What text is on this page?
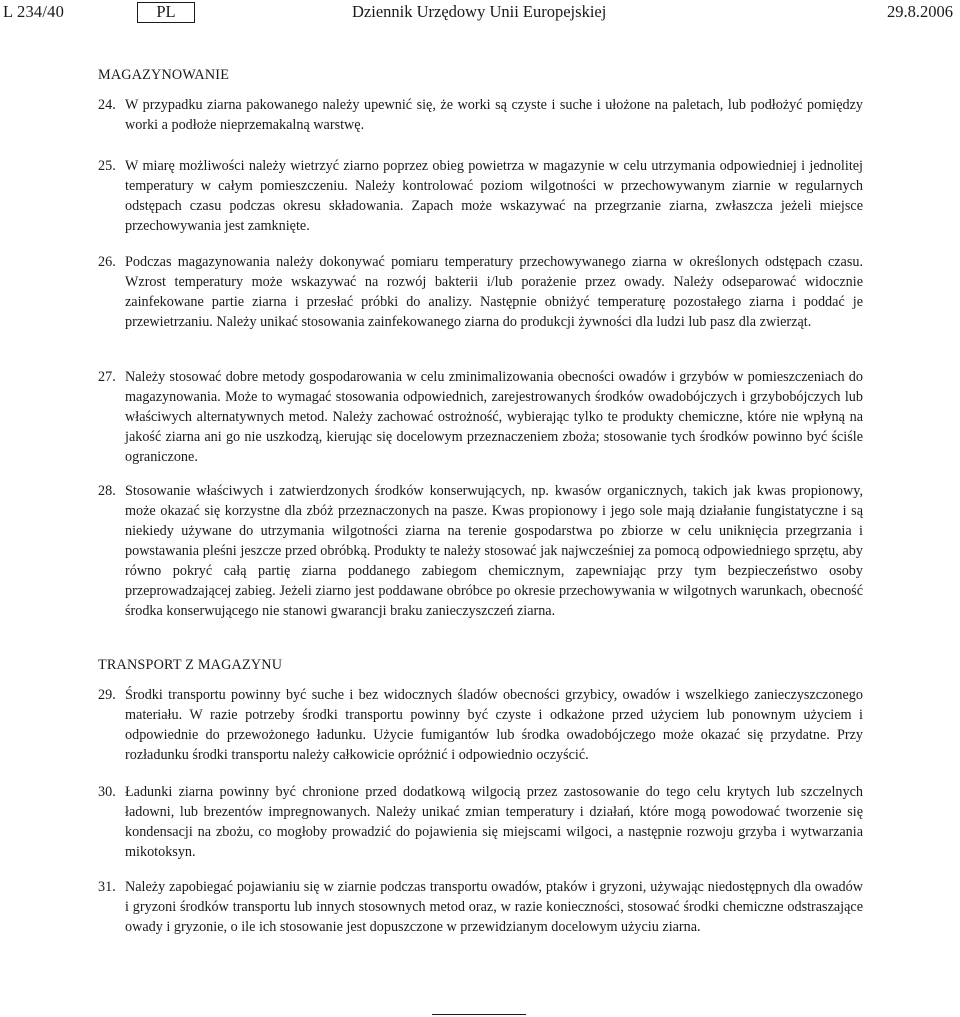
L 234/40	PL	Dziennik Urzędowy Unii Europejskiej	29.8.2006
MAGAZYNOWANIE
24. W przypadku ziarna pakowanego należy upewnić się, że worki są czyste i suche i ułożone na paletach, lub podłożyć pomiędzy worki a podłoże nieprzemakalną warstwę.
25. W miarę możliwości należy wietrzyć ziarno poprzez obieg powietrza w magazynie w celu utrzymania odpowiedniej i jednolitej temperatury w całym pomieszczeniu. Należy kontrolować poziom wilgotności w przechowywanym ziarnie w regularnych odstępach czasu podczas okresu składowania. Zapach może wskazywać na przegrzanie ziarna, zwłaszcza jeżeli miejsce przechowywania jest zamknięte.
26. Podczas magazynowania należy dokonywać pomiaru temperatury przechowywanego ziarna w określonych odstępach czasu. Wzrost temperatury może wskazywać na rozwój bakterii i/lub porażenie przez owady. Należy odseparować widocznie zainfekowane partie ziarna i przesłać próbki do analizy. Następnie obniżyć temperaturę pozostałego ziarna i poddać je przewietrzaniu. Należy unikać stosowania zainfekowanego ziarna do produkcji żywności dla ludzi lub pasz dla zwierząt.
27. Należy stosować dobre metody gospodarowania w celu zminimalizowania obecności owadów i grzybów w pomieszczeniach do magazynowania. Może to wymagać stosowania odpowiednich, zarejestrowanych środków owadobójczych i grzybobójczych lub właściwych alternatywnych metod. Należy zachować ostrożność, wybierając tylko te produkty chemiczne, które nie wpłyną na jakość ziarna ani go nie uszkodzą, kierując się docelowym przeznaczeniem zboża; stosowanie tych środków powinno być ściśle ograniczone.
28. Stosowanie właściwych i zatwierdzonych środków konserwujących, np. kwasów organicznych, takich jak kwas propionowy, może okazać się korzystne dla zbóż przeznaczonych na pasze. Kwas propionowy i jego sole mają działanie fungistatyczne i są niekiedy używane do utrzymania wilgotności ziarna na terenie gospodarstwa po zbiorze w celu uniknięcia przegrzania i powstawania pleśni jeszcze przed obróbką. Produkty te należy stosować jak najwcześniej za pomocą odpowiedniego sprzętu, aby równo pokryć całą partię ziarna poddanego zabiegom chemicznym, zapewniając przy tym bezpieczeństwo osoby przeprowadzającej zabieg. Jeżeli ziarno jest poddawane obróbce po okresie przechowywania w wilgotnych warunkach, obecność środka konserwującego nie stanowi gwarancji braku zanieczyszczeń ziarna.
TRANSPORT Z MAGAZYNU
29. Środki transportu powinny być suche i bez widocznych śladów obecności grzybicy, owadów i wszelkiego zanieczyszczonego materiału. W razie potrzeby środki transportu powinny być czyste i odkażone przed użyciem lub ponownym użyciem i odpowiednie do przewożonego ładunku. Użycie fumigantów lub środka owadobójczego może okazać się przydatne. Przy rozładunku środki transportu należy całkowicie opróżnić i odpowiednio oczyścić.
30. Ładunki ziarna powinny być chronione przed dodatkową wilgocią przez zastosowanie do tego celu krytych lub szczelnych ładowni, lub brezentów impregnowanych. Należy unikać zmian temperatury i działań, które mogą powodować tworzenie się kondensacji na zbożu, co mogłoby prowadzić do pojawienia się miejscami wilgoci, a następnie rozwoju grzyba i wytwarzania mikotoksyn.
31. Należy zapobiegać pojawianiu się w ziarnie podczas transportu owadów, ptaków i gryzoni, używając niedostępnych dla owadów i gryzoni środków transportu lub innych stosownych metod oraz, w razie konieczności, stosować środki chemiczne odstraszające owady i gryzonie, o ile ich stosowanie jest dopuszczone w przewidzianym docelowym użyciu ziarna.
